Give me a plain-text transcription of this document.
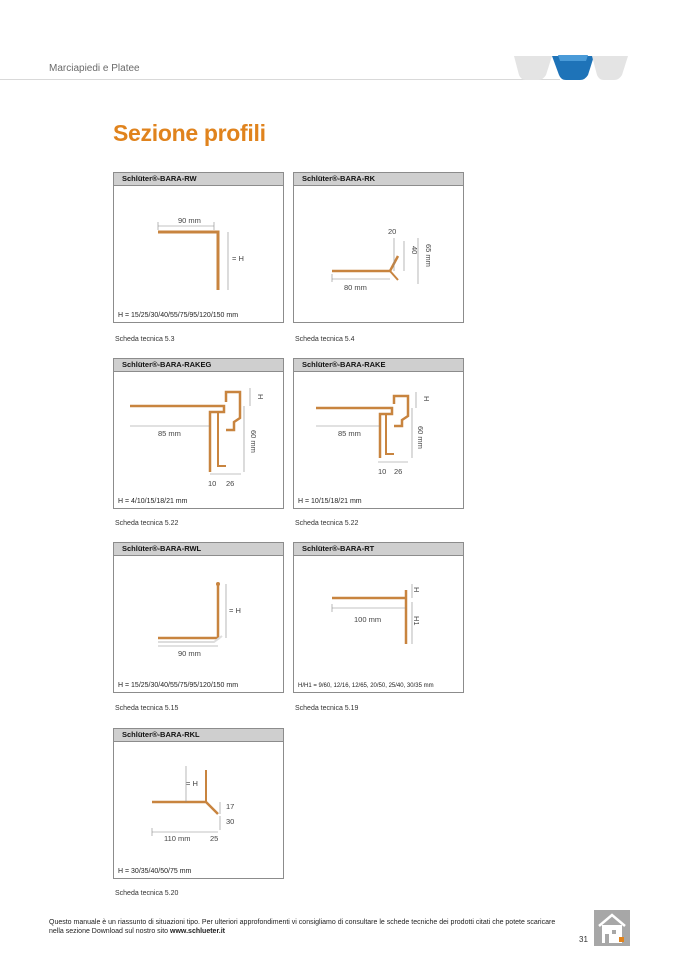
Marciapiedi e Platee
Sezione profili
Schlüter®-BARA-RW
90 mm
= H
H = 15/25/30/40/55/75/95/120/150 mm
Scheda tecnica 5.3
Schlüter®-BARA-RK
80 mm
20
40 65 mm
Scheda tecnica 5.4
Schlüter®-BARA-RAKEG
85 mm	60 mm
H
10 26
H = 4/10/15/18/21 mm
Scheda tecnica 5.22
Schlüter®-BARA-RAKE
85 mm	60 mm
H
10 26
H = 10/15/18/21 mm
Scheda tecnica 5.22
Schlüter®-BARA-RWL
= H
90 mm
H = 15/25/30/40/55/75/95/120/150 mm
Scheda tecnica 5.15
Schlüter®-BARA-RT
100 mm
H
H1
H/H1 = 9/60, 12/16, 12/65, 20/50, 25/40, 30/35 mm
Scheda tecnica 5.19
Schlüter®-BARA-RKL
= H
17
30
110 mm	25
H = 30/35/40/50/75 mm
Scheda tecnica 5.20
Questo manuale è un riassunto di situazioni tipo. Per ulteriori approfondimenti vi consigliamo di consultare le schede tecniche dei prodotti citati che potete scaricare nella sezione Download sul nostro sito www.schlueter.it
31
